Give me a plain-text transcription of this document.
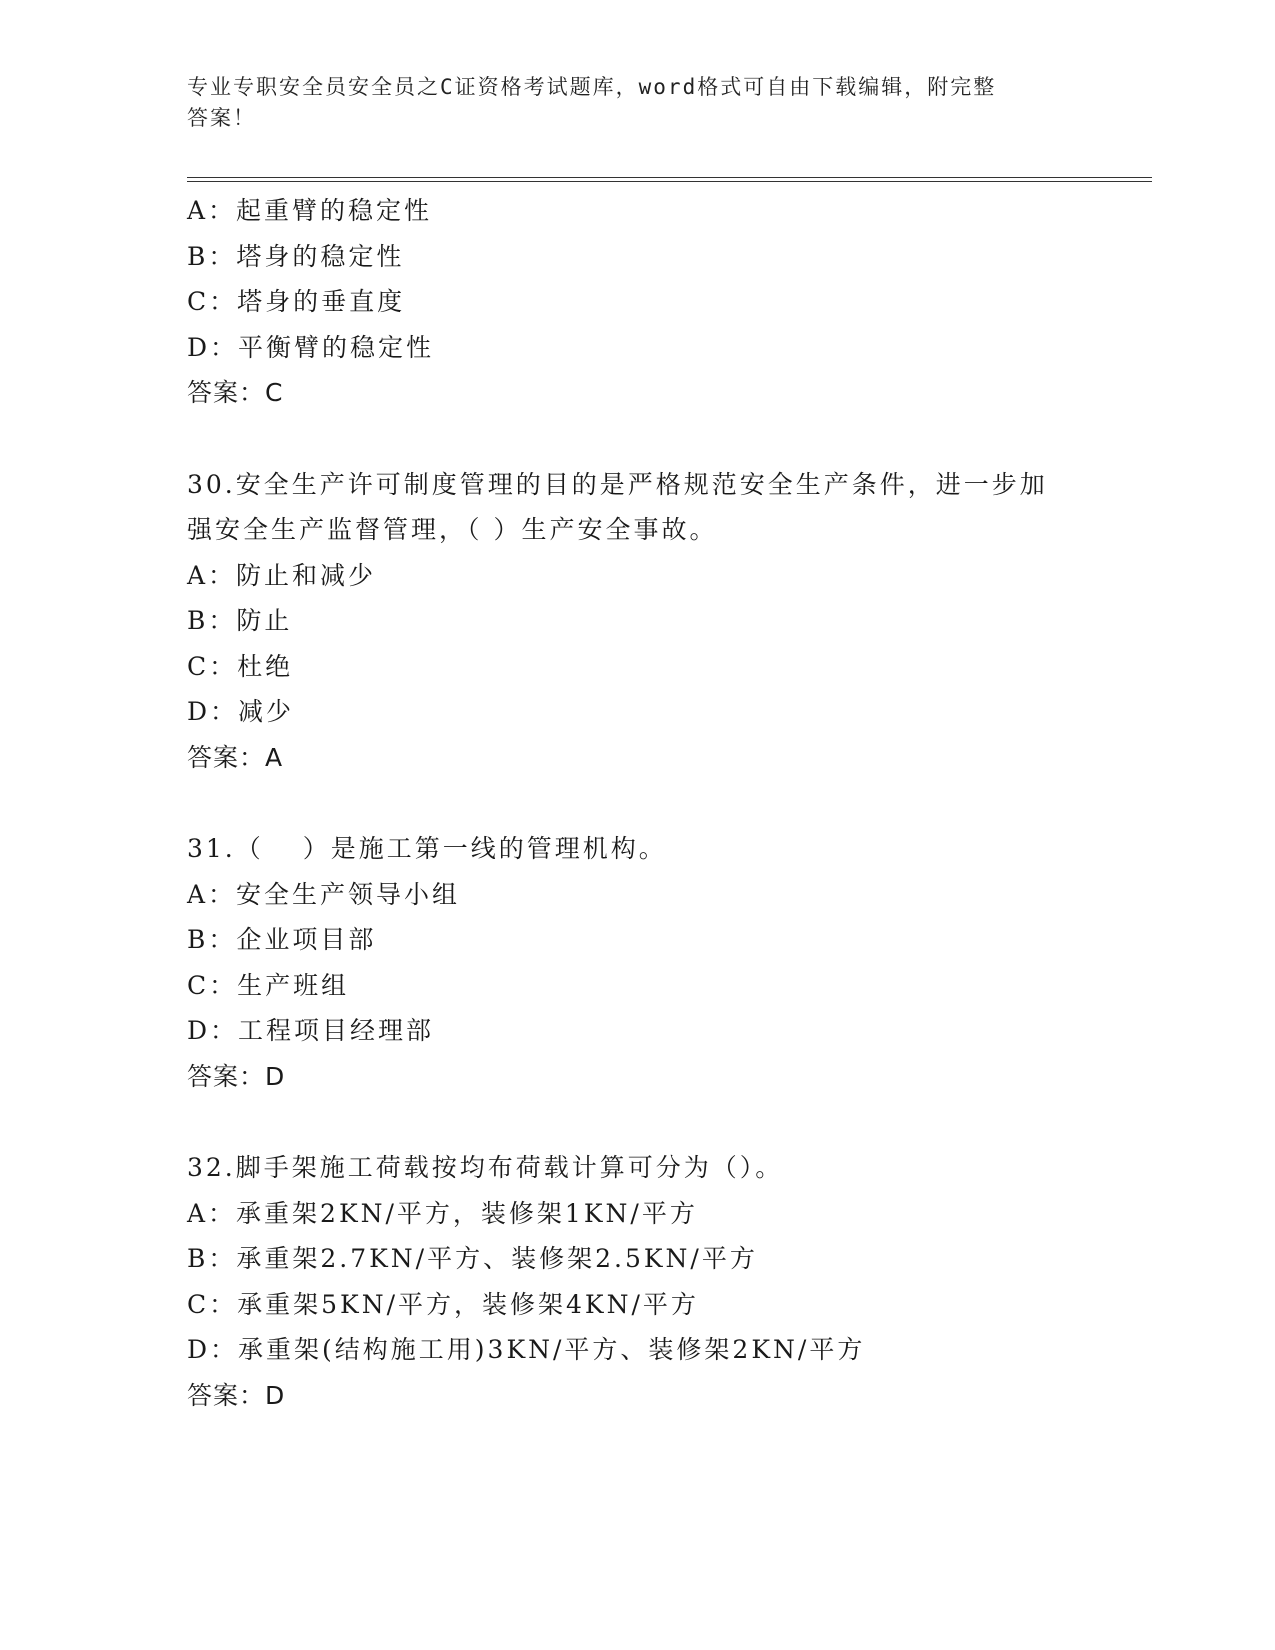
专业专职安全员安全员之C证资格考试题库，word格式可自由下载编辑，附完整
答案！
A：起重臂的稳定性
B：塔身的稳定性
C：塔身的垂直度
D：平衡臂的稳定性
答案：C
30.安全生产许可制度管理的目的是严格规范安全生产条件，进一步加
强安全生产监督管理，（ ）生产安全事故。
A：防止和减少
B：防止
C：杜绝
D：减少
答案：A
31.（　 ）是施工第一线的管理机构。
A：安全生产领导小组
B：企业项目部
C：生产班组
D：工程项目经理部
答案：D
32.脚手架施工荷载按均布荷载计算可分为（）。
A：承重架2KN/平方，装修架1KN/平方
B：承重架2.7KN/平方、装修架2.5KN/平方
C：承重架5KN/平方，装修架4KN/平方
D：承重架(结构施工用)3KN/平方、装修架2KN/平方
答案：D
